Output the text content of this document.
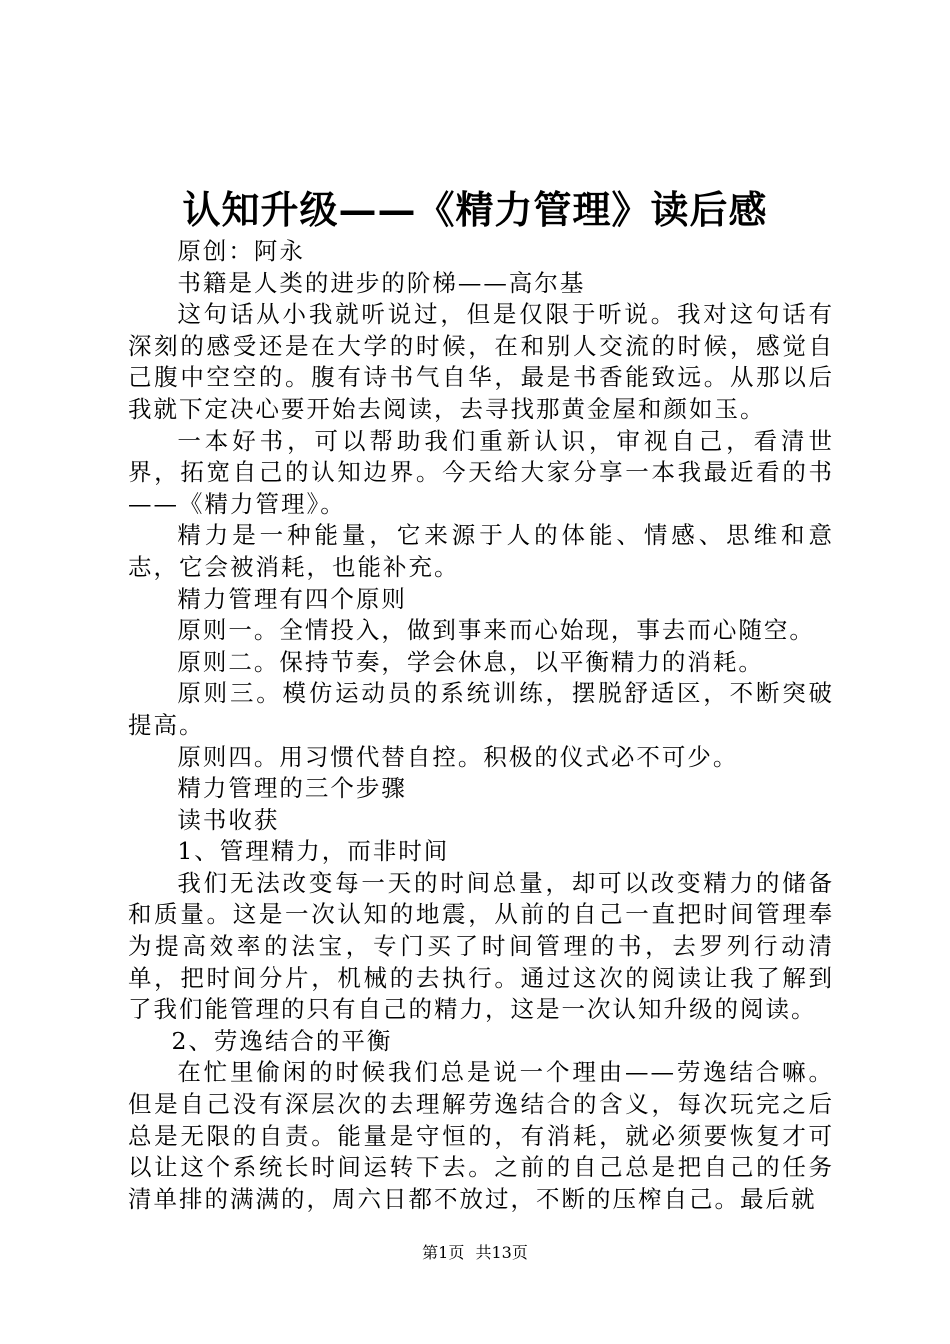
认知升级——《精力管理》读后感

原创：阿永

书籍是人类的进步的阶梯——高尔基

这句话从小我就听说过，但是仅限于听说。我对这句话有深刻的感受还是在大学的时候，在和别人交流的时候，感觉自己腹中空空的。腹有诗书气自华，最是书香能致远。从那以后我就下定决心要开始去阅读，去寻找那黄金屋和颜如玉。

一本好书，可以帮助我们重新认识，审视自己，看清世界，拓宽自己的认知边界。今天给大家分享一本我最近看的书——《精力管理》。

精力是一种能量，它来源于人的体能、情感、思维和意志，它会被消耗，也能补充。

精力管理有四个原则

原则一。全情投入，做到事来而心始现，事去而心随空。

原则二。保持节奏，学会休息，以平衡精力的消耗。

原则三。模仿运动员的系统训练，摆脱舒适区，不断突破提高。

原则四。用习惯代替自控。积极的仪式必不可少。

精力管理的三个步骤

读书收获

1、管理精力，而非时间

我们无法改变每一天的时间总量，却可以改变精力的储备和质量。这是一次认知的地震，从前的自己一直把时间管理奉为提高效率的法宝，专门买了时间管理的书，去罗列行动清单，把时间分片，机械的去执行。通过这次的阅读让我了解到了我们能管理的只有自己的精力，这是一次认知升级的阅读。

2、劳逸结合的平衡

在忙里偷闲的时候我们总是说一个理由——劳逸结合嘛。但是自己没有深层次的去理解劳逸结合的含义，每次玩完之后总是无限的自责。能量是守恒的，有消耗，就必须要恢复才可以让这个系统长时间运转下去。之前的自己总是把自己的任务清单排的满满的，周六日都不放过，不断的压榨自己。最后就

第1页 共13页
